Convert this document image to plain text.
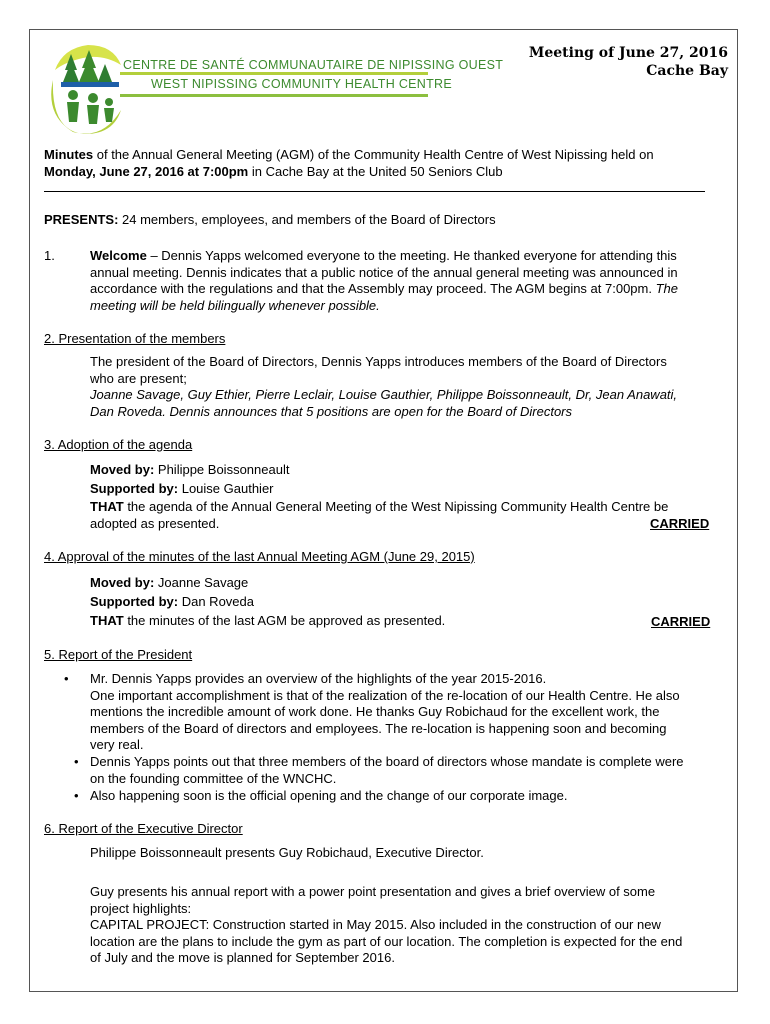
CENTRE DE SANTÉ COMMUNAUTAIRE DE NIPISSING OUEST
WEST NIPISSING COMMUNITY HEALTH CENTRE
Meeting of June 27, 2016
Cache Bay
Minutes of the Annual General Meeting (AGM) of the Community Health Centre of West Nipissing held on
Monday, June 27, 2016 at 7:00pm in Cache Bay at the United 50 Seniors Club
PRESENTS: 24 members, employees, and members of the Board of Directors
1.	Welcome – Dennis Yapps welcomed everyone to the meeting. He thanked everyone for attending this
annual meeting. Dennis indicates that a public notice of the annual general meeting was announced in
accordance with the regulations and that the Assembly may proceed. The AGM begins at 7:00pm. The
meeting will be held bilingually whenever possible.
2. Presentation of the members
The president of the Board of Directors, Dennis Yapps introduces members of the Board of Directors
who are present;
Joanne Savage, Guy Ethier, Pierre Leclair, Louise Gauthier, Philippe Boissonneault, Dr, Jean Anawati,
Dan Roveda. Dennis announces that 5 positions are open for the Board of Directors
3. Adoption of the agenda
Moved by: Philippe Boissonneault
Supported by: Louise Gauthier
THAT the agenda of the Annual General Meeting of the West Nipissing Community Health Centre be
adopted as presented.	CARRIED
4. Approval of the minutes of the last Annual Meeting AGM (June 29, 2015)
Moved by: Joanne Savage
Supported by: Dan Roveda
THAT the minutes of the last AGM be approved as presented.	CARRIED
5. Report of the President
• Mr. Dennis Yapps provides an overview of the highlights of the year 2015-2016.
One important accomplishment is that of the realization of the re-location of our Health Centre. He also
mentions the incredible amount of work done. He thanks Guy Robichaud for the excellent work, the
members of the Board of directors and employees. The re-location is happening soon and becoming
very real.
• Dennis Yapps points out that three members of the board of directors whose mandate is complete were
on the founding committee of the WNCHC.
• Also happening soon is the official opening and the change of our corporate image.
6. Report of the Executive Director
Philippe Boissonneault presents Guy Robichaud, Executive Director.
Guy presents his annual report with a power point presentation and gives a brief overview of some
project highlights:
CAPITAL PROJECT: Construction started in May 2015. Also included in the construction of our new
location are the plans to include the gym as part of our location. The completion is expected for the end
of July and the move is planned for September 2016.
